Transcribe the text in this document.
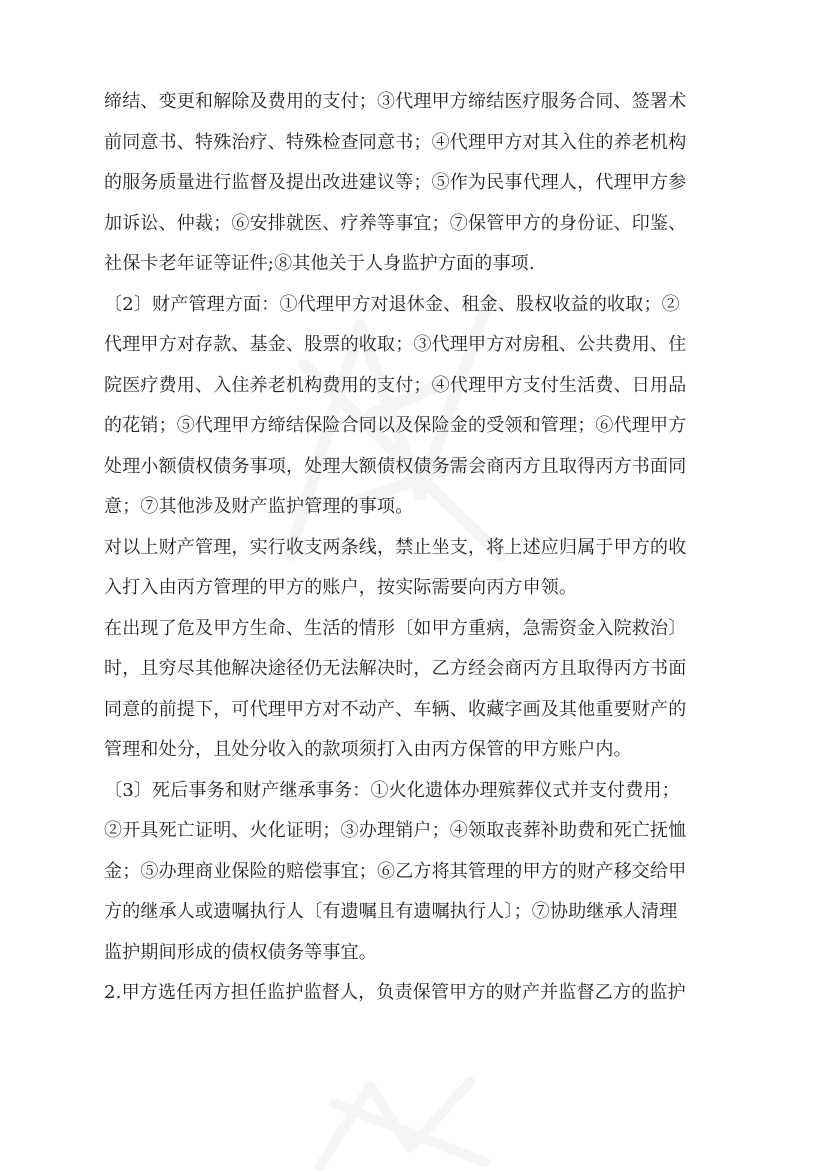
缔结、变更和解除及费用的支付；③代理甲方缔结医疗服务合同、签署术
前同意书、特殊治疗、特殊检查同意书；④代理甲方对其入住的养老机构
的服务质量进行监督及提出改进建议等；⑤作为民事代理人，代理甲方参
加诉讼、仲裁；⑥安排就医、疗养等事宜；⑦保管甲方的身份证、印鉴、
社保卡老年证等证件;⑧其他关于人身监护方面的事项.
〔2〕财产管理方面：①代理甲方对退休金、租金、股权收益的收取；②
代理甲方对存款、基金、股票的收取；③代理甲方对房租、公共费用、住
院医疗费用、入住养老机构费用的支付；④代理甲方支付生活费、日用品
的花销；⑤代理甲方缔结保险合同以及保险金的受领和管理；⑥代理甲方
处理小额债权债务事项，处理大额债权债务需会商丙方且取得丙方书面同
意；⑦其他涉及财产监护管理的事项。
对以上财产管理，实行收支两条线，禁止坐支，将上述应归属于甲方的收
入打入由丙方管理的甲方的账户，按实际需要向丙方申领。
在出现了危及甲方生命、生活的情形〔如甲方重病，急需资金入院救治〕
时，且穷尽其他解决途径仍无法解决时，乙方经会商丙方且取得丙方书面
同意的前提下，可代理甲方对不动产、车辆、收藏字画及其他重要财产的
管理和处分，且处分收入的款项须打入由丙方保管的甲方账户内。
〔3〕死后事务和财产继承事务：①火化遗体办理殡葬仪式并支付费用；
②开具死亡证明、火化证明；③办理销户；④领取丧葬补助费和死亡抚恤
金；⑤办理商业保险的赔偿事宜；⑥乙方将其管理的甲方的财产移交给甲
方的继承人或遗嘱执行人〔有遗嘱且有遗嘱执行人〕；⑦协助继承人清理
监护期间形成的债权债务等事宜。
2.甲方选任丙方担任监护监督人，负责保管甲方的财产并监督乙方的监护
